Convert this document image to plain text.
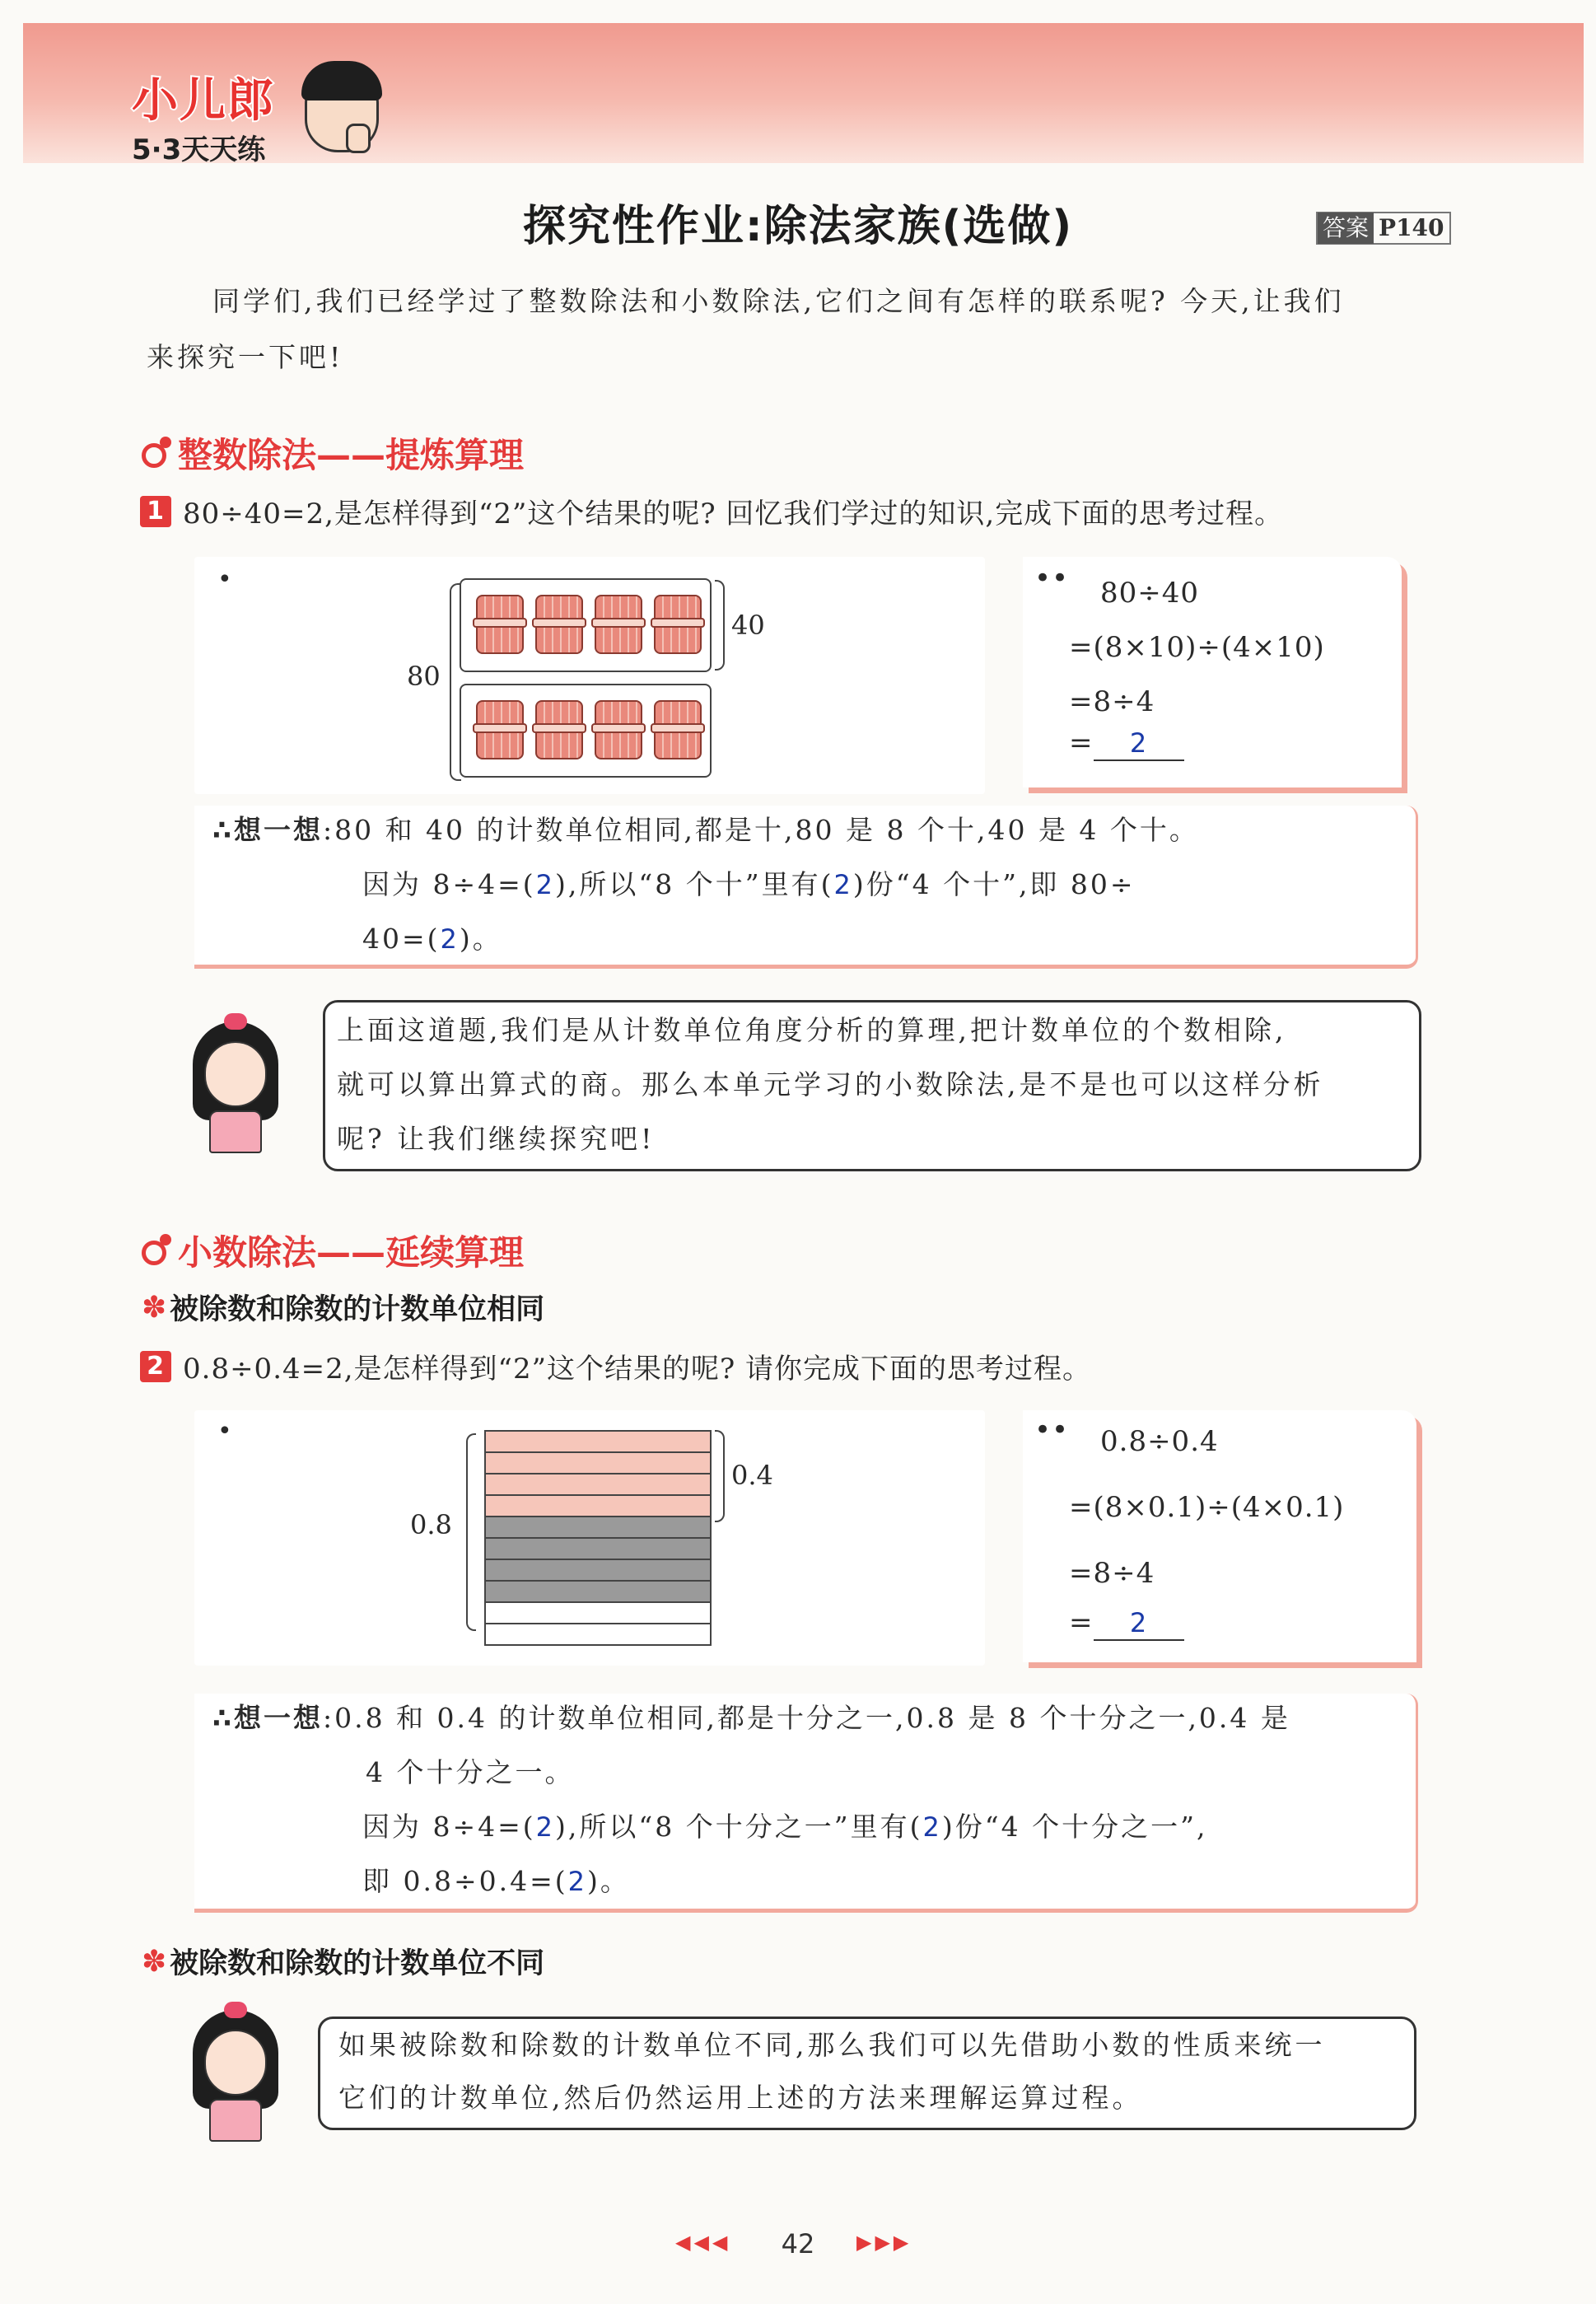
小儿郎
5·3天天练
探究性作业:除法家族(选做)	答案 P140
同学们,我们已经学过了整数除法和小数除法,它们之间有怎样的联系呢? 今天,让我们
来探究一下吧!
整数除法——提炼算理
1 80÷40=2,是怎样得到“2”这个结果的呢? 回忆我们学过的知识,完成下面的思考过程。
•
80
40
•• 80÷40
=(8×10)÷(4×10)
=8÷4
= 2
∴想一想:80 和 40 的计数单位相同,都是十,80 是 8 个十,40 是 4 个十。
因为 8÷4=(2),所以“8 个十”里有(2)份“4 个十”,即 80÷
40=(2)。
上面这道题,我们是从计数单位角度分析的算理,把计数单位的个数相除,
就可以算出算式的商。那么本单元学习的小数除法,是不是也可以这样分析
呢? 让我们继续探究吧!
小数除法——延续算理
✽ 被除数和除数的计数单位相同
2 0.8÷0.4=2,是怎样得到“2”这个结果的呢? 请你完成下面的思考过程。
•
0.8
0.4
•• 0.8÷0.4
=(8×0.1)÷(4×0.1)
=8÷4
= 2
∴想一想:0.8 和 0.4 的计数单位相同,都是十分之一,0.8 是 8 个十分之一,0.4 是
4 个十分之一。
因为 8÷4=(2),所以“8 个十分之一”里有(2)份“4 个十分之一”,
即 0.8÷0.4=(2)。
✽ 被除数和除数的计数单位不同
如果被除数和除数的计数单位不同,那么我们可以先借助小数的性质来统一
它们的计数单位,然后仍然运用上述的方法来理解运算过程。
◀◀◀	42	▶▶▶
